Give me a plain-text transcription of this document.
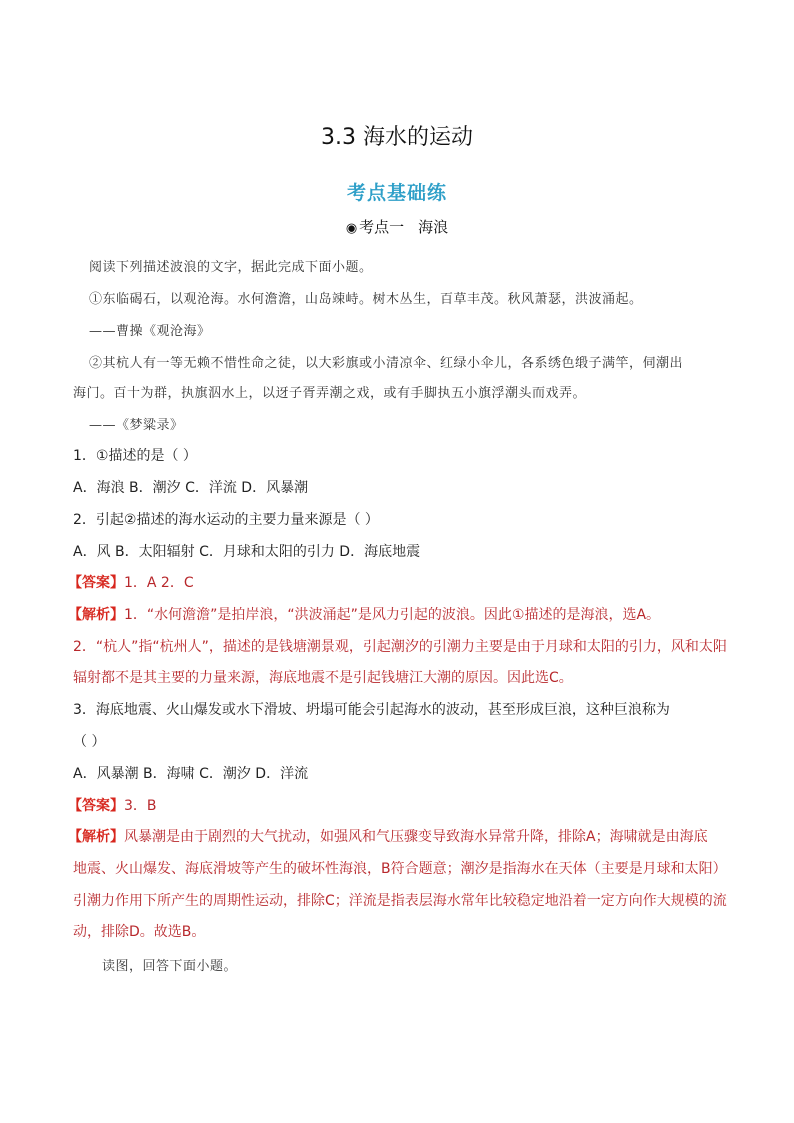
3.3 海水的运动
考点基础练
◉ 考点一 海浪
阅读下列描述波浪的文字，据此完成下面小题。
①东临碣石，以观沧海。水何澹澹，山岛竦峙。树木丛生，百草丰茂。秋风萧瑟，洪波涌起。
——曹操《观沧海》
②其杭人有一等无赖不惜性命之徒，以大彩旗或小清凉伞、红绿小伞儿，各系绣色缎子满竿，伺潮出
海门。百十为群，执旗泅水上，以迓子胥弄潮之戏，或有手脚执五小旗浮潮头而戏弄。
——《梦粱录》
1．①描述的是（ ）
A．海浪 B．潮汐 C．洋流 D．风暴潮
2．引起②描述的海水运动的主要力量来源是（ ）
A．风 B．太阳辐射 C．月球和太阳的引力 D．海底地震
【答案】1．A 2．C
【解析】1．“水何澹澹”是拍岸浪，“洪波涌起”是风力引起的波浪。因此①描述的是海浪，选A。
2．“杭人”指“杭州人”，描述的是钱塘潮景观，引起潮汐的引潮力主要是由于月球和太阳的引力，风和太阳
辐射都不是其主要的力量来源，海底地震不是引起钱塘江大潮的原因。因此选C。
3．海底地震、火山爆发或水下滑坡、坍塌可能会引起海水的波动，甚至形成巨浪，这种巨浪称为
（ ）
A．风暴潮 B．海啸 C．潮汐 D．洋流
【答案】3．B
【解析】风暴潮是由于剧烈的大气扰动，如强风和气压骤变导致海水异常升降，排除A；海啸就是由海底
地震、火山爆发、海底滑坡等产生的破坏性海浪，B符合题意；潮汐是指海水在天体（主要是月球和太阳）
引潮力作用下所产生的周期性运动，排除C；洋流是指表层海水常年比较稳定地沿着一定方向作大规模的流
动，排除D。故选B。
读图，回答下面小题。
